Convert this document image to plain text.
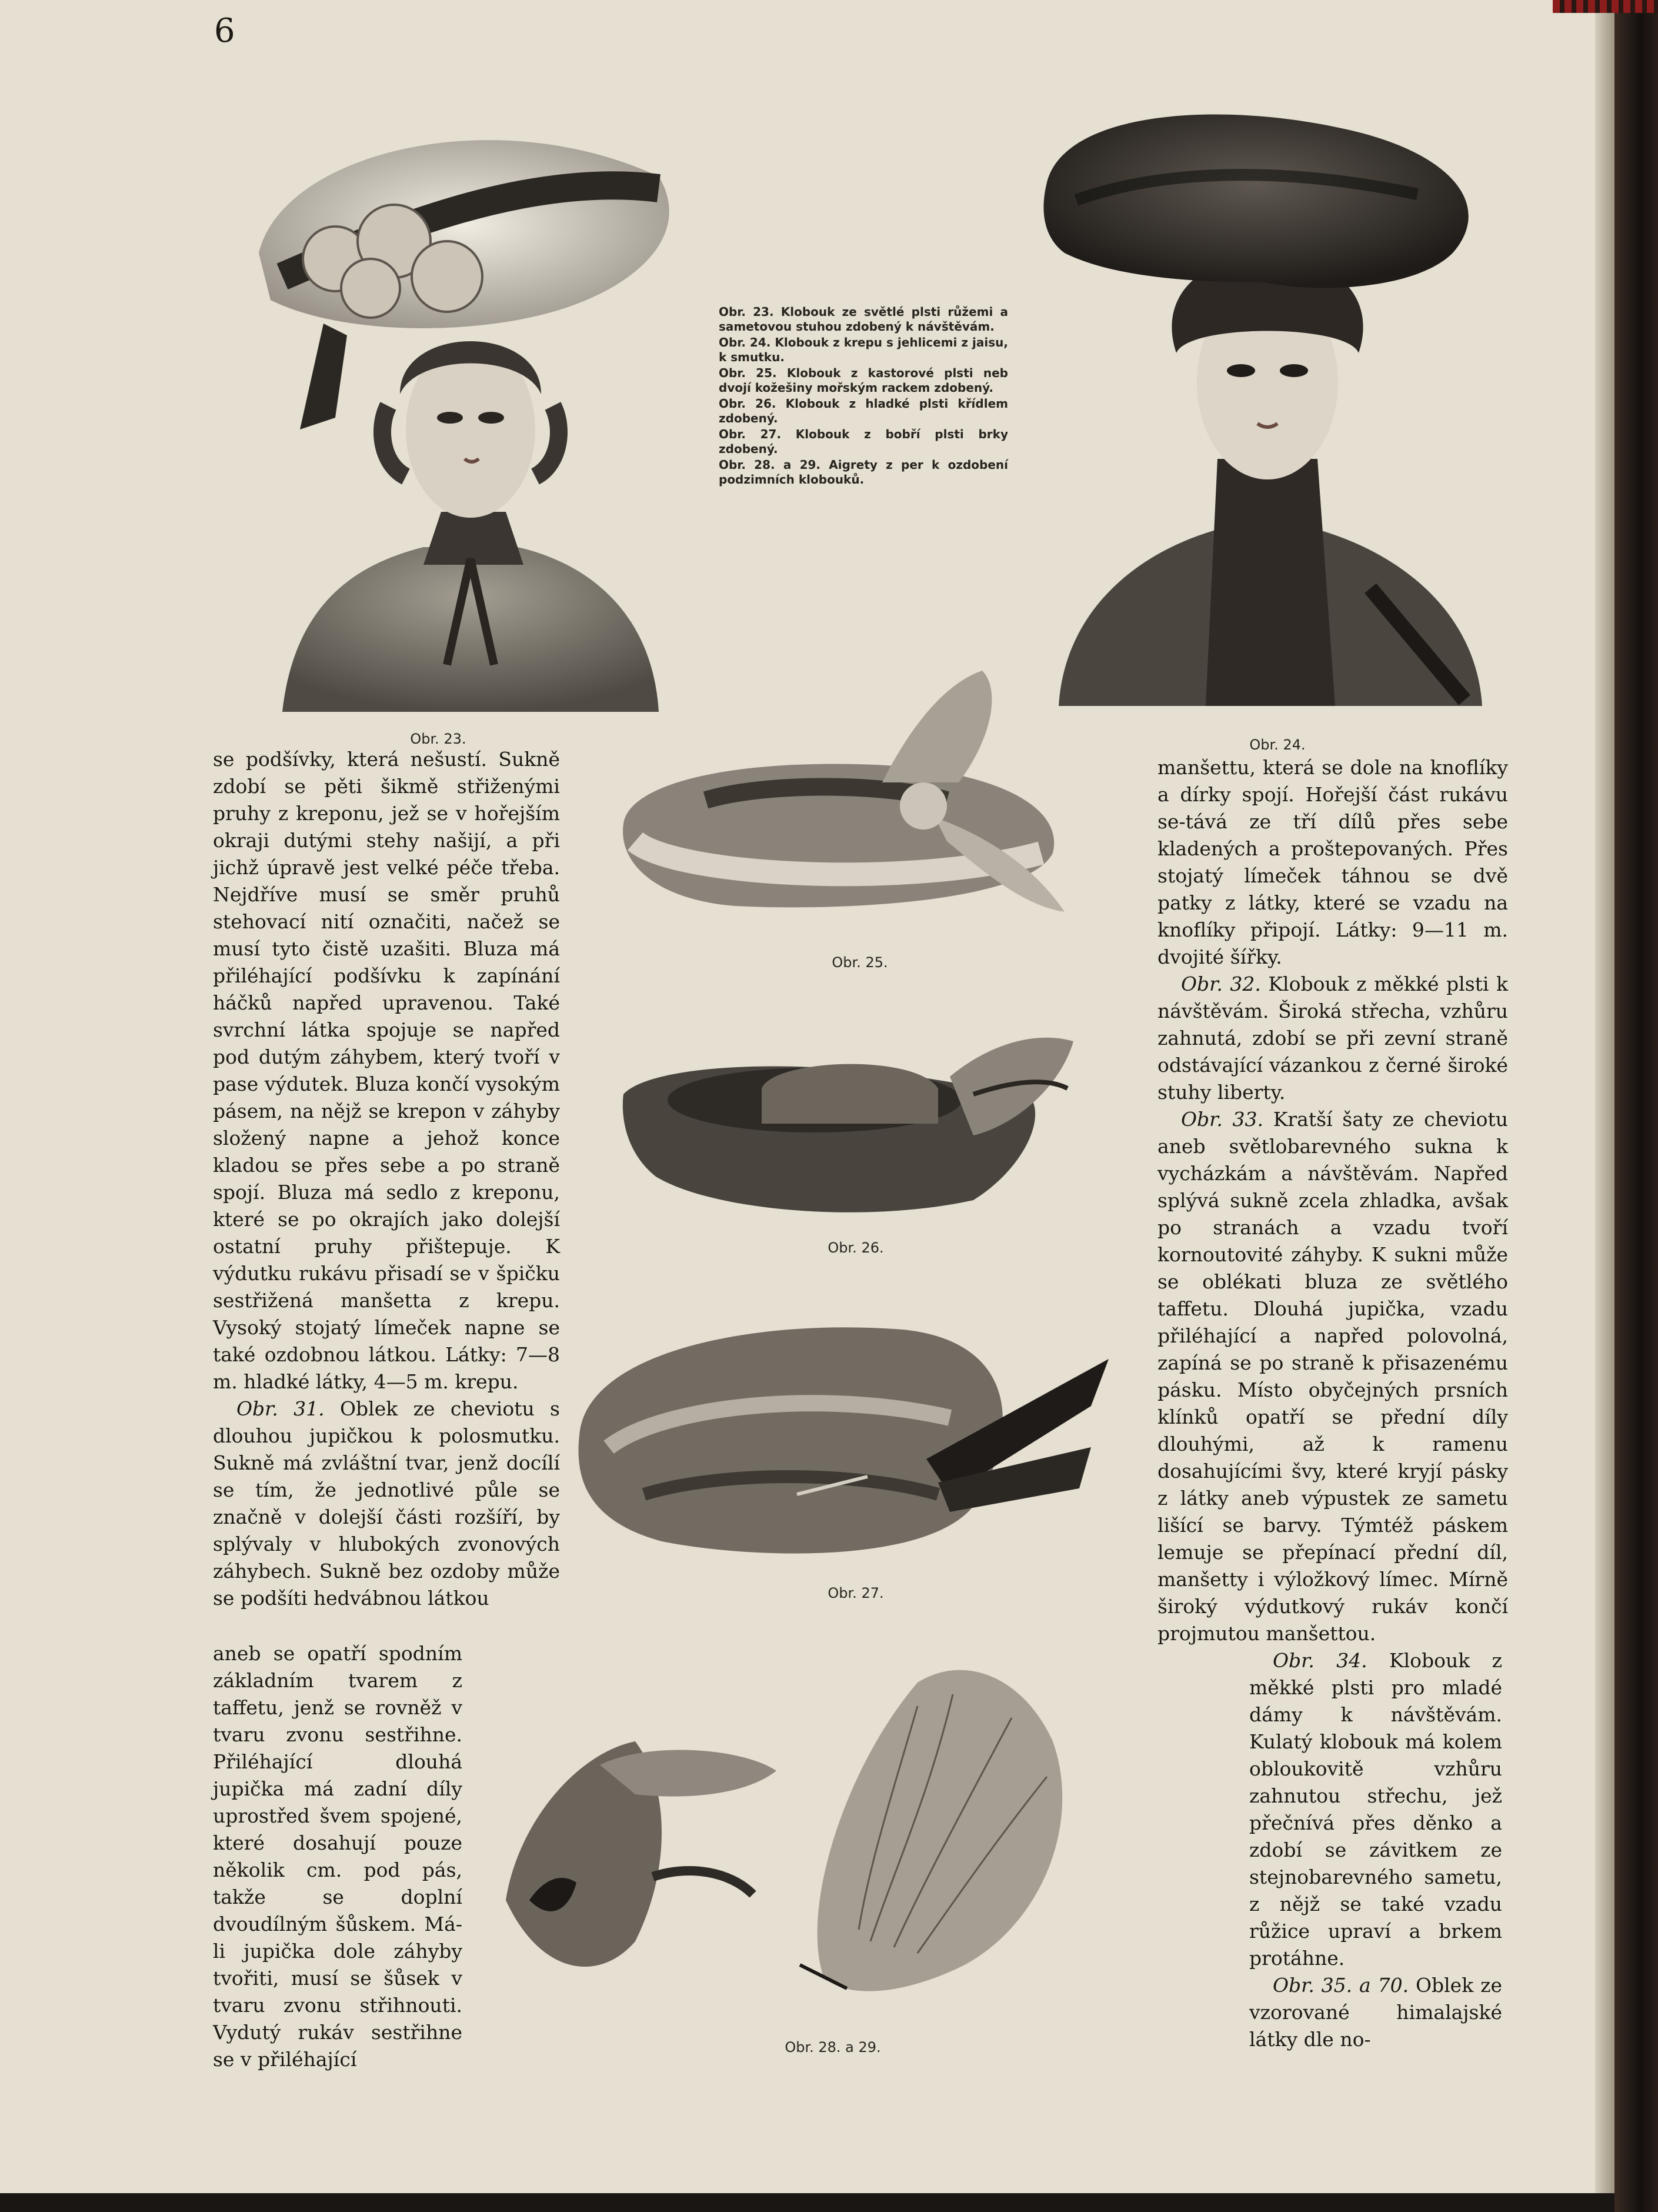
6

Obr. 23.

Obr. 23. Klobouk ze světlé plsti růžemi a sametovou stuhou zdobený k návštěvám.
Obr. 24. Klobouk z krepu s jehlicemi z jaisu, k smutku.
Obr. 25. Klobouk z kastorové plsti neb dvojí kožešiny mořským rackem zdobený.
Obr. 26. Klobouk z hladké plsti křídlem zdobený.
Obr. 27. Klobouk z bobří plsti brky zdobený.
Obr. 28. a 29. Aigrety z per k ozdobení podzimních klobouků.

Obr. 24.

Obr. 25.

Obr. 26.

Obr. 27.

Obr. 28. a 29.

se podšívky, která nešustí. Sukně zdobí se pěti šikmě střiženými pruhy z kreponu, jež se v hořejším okraji dutými stehy našijí, a při jichž úpravě jest velké péče třeba. Nejdříve musí se směr pruhů stehovací nití označiti, načež se musí tyto čistě uzašiti. Bluza má přiléhající podšívku k zapínání háčků napřed upravenou. Také svrchní látka spojuje se napřed pod dutým záhybem, který tvoří v pase výdutek. Bluza končí vysokým pásem, na nějž se krepon v záhyby složený napne a jehož konce kladou se přes sebe a po straně spojí. Bluza má sedlo z kreponu, které se po okrajích jako dolejší ostatní pruhy přištepuje. K výdutku rukávu přisadí se v špičku sestřižená manšetta z krepu. Vysoký stojatý límeček napne se také ozdobnou látkou. Látky: 7—8 m. hladké látky, 4—5 m. krepu.

Obr. 31. Oblek ze cheviotu s dlouhou jupičkou k polosmutku. Sukně má zvláštní tvar, jenž docílí se tím, že jednotlivé půle se značně v dolejší části rozšíří, by splývaly v hlubokých zvonových záhybech. Sukně bez ozdoby může se podšíti hedvábnou látkou

aneb se opatří spodním základním tvarem z taffetu, jenž se rovněž v tvaru zvonu sestřihne. Přiléhající dlouhá jupička má zadní díly uprostřed švem spojené, které dosahují pouze několik cm. pod pás, takže se doplní dvoudílným šůskem. Má-li jupička dole záhyby tvořiti, musí se šůsek v tvaru zvonu střihnouti. Vydutý rukáv sestřihne se v přiléhající

manšettu, která se dole na knoflíky a dírky spojí. Hořejší část rukávu se-tává ze tří dílů přes sebe kladených a proštepovaných. Přes stojatý límeček táhnou se dvě patky z látky, které se vzadu na knoflíky připojí. Látky: 9—11 m. dvojité šířky.

Obr. 32. Klobouk z měkké plsti k návštěvám. Široká střecha, vzhůru zahnutá, zdobí se při zevní straně odstávající vázankou z černé široké stuhy liberty.

Obr. 33. Kratší šaty ze cheviotu aneb světlobarevného sukna k vycházkám a návštěvám. Napřed splývá sukně zcela zhladka, avšak po stranách a vzadu tvoří kornoutovité záhyby. K sukni může se oblékati bluza ze světlého taffetu. Dlouhá jupička, vzadu přiléhající a napřed polovolná, zapíná se po straně k přisazenému pásku. Místo obyčejných prsních klínků opatří se přední díly dlouhými, až k ramenu dosahujícími švy, které kryjí pásky z látky aneb výpustek ze sametu lišící se barvy. Týmtéž páskem lemuje se přepínací přední díl, manšetty i výložkový límec. Mírně široký výdutkový rukáv končí projmutou manšettou.

Obr. 34. Klobouk z měkké plsti pro mladé dámy k návštěvám. Kulatý klobouk má kolem obloukovitě vzhůru zahnutou střechu, jež přečnívá přes děnko a zdobí se závitkem ze stejnobarevného sametu, z nějž se také vzadu růžice upraví a brkem protáhne.

Obr. 35. a 70. Oblek ze vzorované himalajské látky dle no-
